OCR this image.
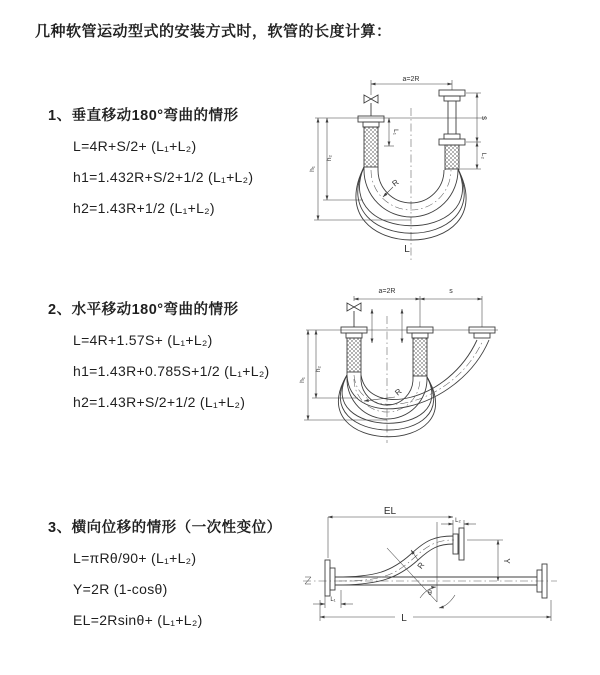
几种软管运动型式的安装方式时，软管的长度计算：
1、垂直移动180°弯曲的情形
L=4R+S/2+ (L₁+L₂)
h1=1.432R+S/2+1/2 (L₁+L₂)
h2=1.43R+1/2 (L₁+L₂)
a=2R
L₁
S
L₂
h₁
h₂
R
L
2、水平移动180°弯曲的情形
L=4R+1.57S+ (L₁+L₂)
h1=1.43R+0.785S+1/2 (L₁+L₂)
h2=1.43R+S/2+1/2 (L₁+L₂)
a=2R	s
h₁
h₂
R
3、横向位移的情形（一次性变位）
L=πRθ/90+ (L₁+L₂)
Y=2R (1-cosθ)
EL=2Rsinθ+ (L₁+L₂)
EL
L₂
Y
R
θ
L
L₁
